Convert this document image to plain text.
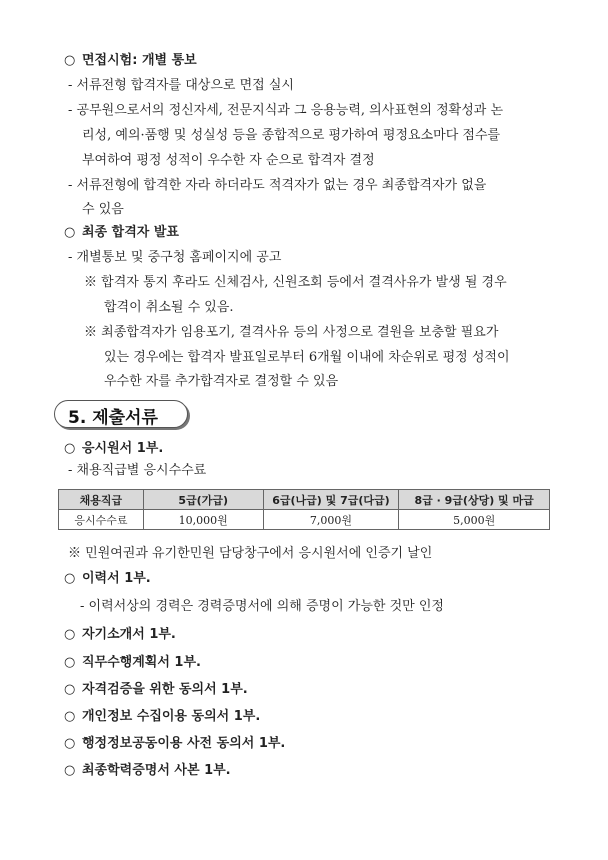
○ 면접시험: 개별 통보
- 서류전형 합격자를 대상으로 면접 실시
- 공무원으로서의 정신자세, 전문지식과 그 응용능력, 의사표현의 정확성과 논
리성, 예의·품행 및 성실성 등을 종합적으로 평가하여 평정요소마다 점수를
부여하여 평정 성적이 우수한 자 순으로 합격자 결정
- 서류전형에 합격한 자라 하더라도 적격자가 없는 경우 최종합격자가 없을
수 있음
○ 최종 합격자 발표
- 개별통보 및 중구청 홈페이지에 공고
※ 합격자 통지 후라도 신체검사, 신원조회 등에서 결격사유가 발생 될 경우
합격이 취소될 수 있음.
※ 최종합격자가 임용포기, 결격사유 등의 사정으로 결원을 보충할 필요가
있는 경우에는 합격자 발표일로부터 6개월 이내에 차순위로 평정 성적이
우수한 자를 추가합격자로 결정할 수 있음
5. 제출서류
○ 응시원서 1부.
- 채용직급별 응시수수료
채용직급	5급(가급)	6급(나급) 및 7급(다급)	8급 · 9급(상당) 및 마급
응시수수료	10,000원	7,000원	5,000원
※ 민원여권과 유기한민원 담당창구에서 응시원서에 인증기 날인
○ 이력서 1부.
- 이력서상의 경력은 경력증명서에 의해 증명이 가능한 것만 인정
○ 자기소개서 1부.
○ 직무수행계획서 1부.
○ 자격검증을 위한 동의서 1부.
○ 개인정보 수집이용 동의서 1부.
○ 행정정보공동이용 사전 동의서 1부.
○ 최종학력증명서 사본 1부.
